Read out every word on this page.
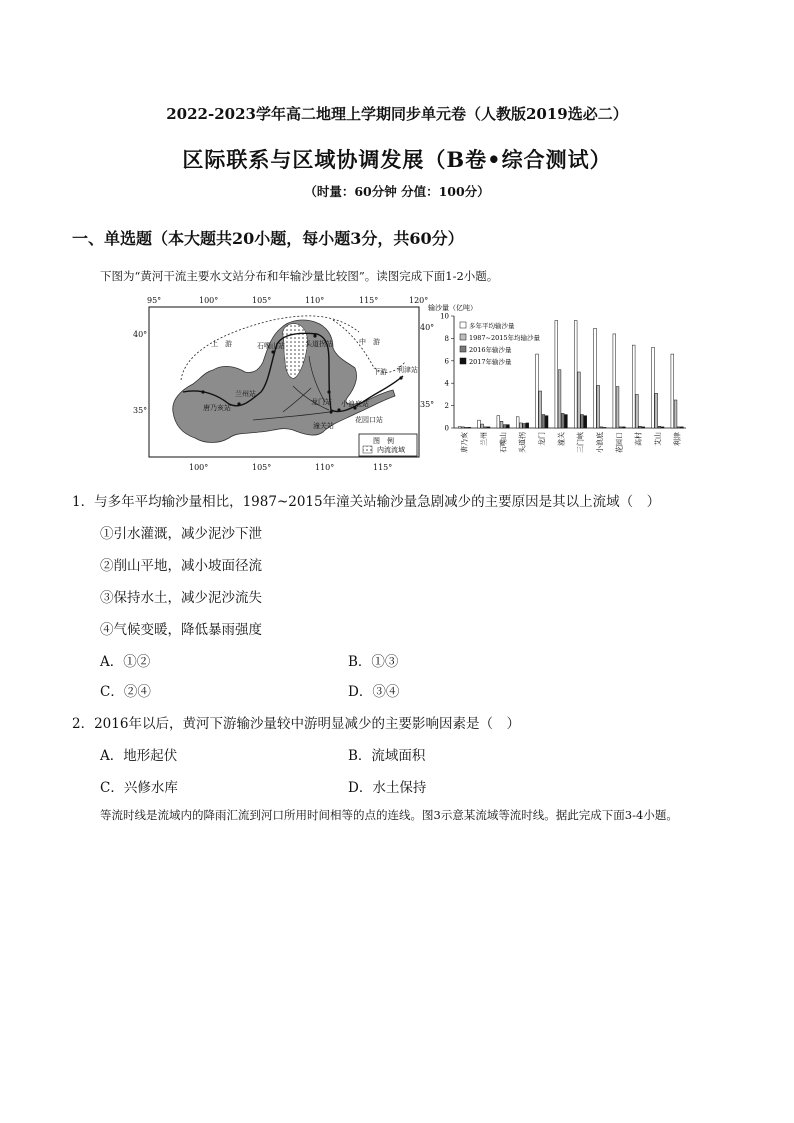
2022-2023学年高二地理上学期同步单元卷（人教版2019选必二）
区际联系与区域协调发展（B卷•综合测试）
（时量：60分钟 分值：100分）
一、单选题（本大题共20小题，每小题3分，共60分）
下图为“黄河干流主要水文站分布和年输沙量比较图”。读图完成下面1-2小题。
95°	100°	105°	110°	115°	120°
100°	105°	110°	115°
40°
35°
40°
35°
上　游	中　游
下游
唐乃亥站
兰州站
石嘴山站	头道拐站
龙门站 小浪底站
潼关站
花园口站
利津站
图　例
内流流域
输沙量（亿吨）
0
2
4
6
8
10
唐乃亥 兰州 石嘴山 头道拐 龙门 潼关 三门峡 小浪底 花园口 高村 艾山 利津
多年平均输沙量
1987~2015年均输沙量
2016年输沙量
2017年输沙量
1．与多年平均输沙量相比，1987~2015年潼关站输沙量急剧减少的主要原因是其以上流域（　）
①引水灌溉，减少泥沙下泄
②削山平地，减小坡面径流
③保持水土，减少泥沙流失
④气候变暖，降低暴雨强度
A．①②	B．①③
C．②④	D．③④
2．2016年以后，黄河下游输沙量较中游明显减少的主要影响因素是（　）
A．地形起伏	B．流域面积
C．兴修水库	D．水土保持
等流时线是流域内的降雨汇流到河口所用时间相等的点的连线。图3示意某流域等流时线。据此完成下面3-4小题。
